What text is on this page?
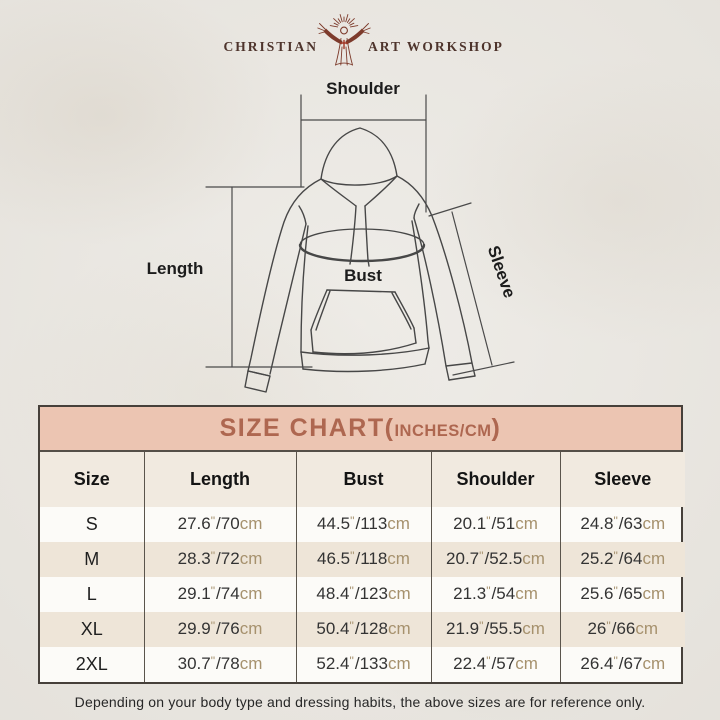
CHRISTIAN	ART WORKSHOP
Shoulder
Length	Bust	Sleeve
SIZE CHART(INCHES/CM)
Size	Length	Bust	Shoulder	Sleeve
S	27.6"/70cm	44.5"/113cm	20.1"/51cm	24.8"/63cm
M	28.3"/72cm	46.5"/118cm	20.7"/52.5cm	25.2"/64cm
L	29.1"/74cm	48.4"/123cm	21.3"/54cm	25.6"/65cm
XL	29.9"/76cm	50.4"/128cm	21.9"/55.5cm	26"/66cm
2XL	30.7"/78cm	52.4"/133cm	22.4"/57cm	26.4"/67cm
Depending on your body type and dressing habits, the above sizes are for reference only.
